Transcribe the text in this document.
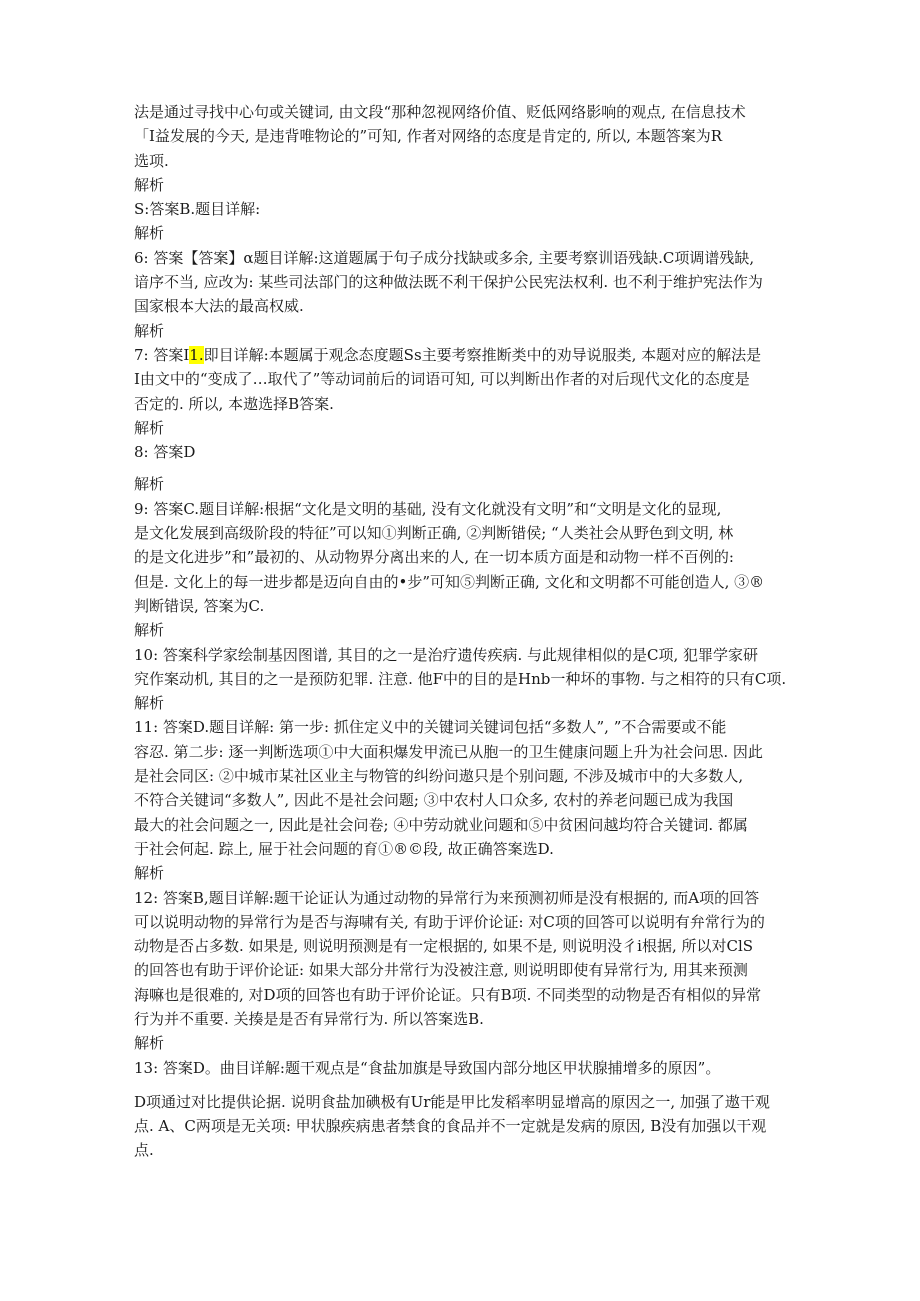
法是通过寻找中心句或关键词, 由文段“那种忽视网络价值、贬低网络影响的观点, 在信息技术
「I益发展的今天, 是违背唯物论的”可知, 作者对网络的态度是肯定的, 所以, 本题答案为R
选项.
解析
S:答案B.题目详解:
解析
6: 答案【答案】α题目详解:这道题属于句子成分找缺或多余, 主要考察训语残缺.C项调谱残缺,
谙序不当, 应改为: 某些司法部门的这种做法既不利干保护公民宪法权利. 也不利于维护宪法作为
国家根本大法的最高权威.
解析
7: 答案I1.即目详解:本题属于观念态度题Ss主要考察推断类中的劝导说服类, 本题对应的解法是
I由文中的“变成了…取代了”等动词前后的词语可知, 可以判断出作者的对后现代文化的态度是
否定的. 所以, 本遨选择B答案.
解析
8: 答案D
解析
9: 答案C.题目详解:根据“文化是文明的基础, 没有文化就没有文明”和“文明是文化的显现,
是文化发展到高级阶段的特征”可以知①判断正确, ②判断错侯; “人类社会从野色到文明, 林
的是文化进步”和”最初的、从动物界分离出来的人, 在一切本质方面是和动物一样不百例的:
但是. 文化上的每一进步都是迈向自由的•步”可知⑤判断正确, 文化和文明都不可能创造人, ③®
判断错误, 答案为C.
解析
10: 答案科学家绘制基因图谱, 其目的之一是治疗遗传疾病. 与此规律相似的是C项, 犯罪学家研
究作案动机, 其目的之一是预防犯罪. 注意. 他F中的目的是Hnb一种坏的事物. 与之相符的只有C项.
解析
11: 答案D.题目详解: 第一步: 抓住定义中的关键词关键词包括“多数人”, ”不合需要或不能
容忍. 第二步: 逐一判断选项①中大面积爆发甲流已从胞一的卫生健康问题上升为社会问思. 因此
是社会同区: ②中城市某社区业主与物管的纠纷问遨只是个别问题, 不涉及城市中的大多数人,
不符合关键词“多数人”, 因此不是社会问题; ③中农村人口众多, 农村的养老问题已成为我国
最大的社会问题之一, 因此是社会问卷; ④中劳动就业问题和⑤中贫困问越均符合关键词. 都属
于社会何起. 踪上, 屉于社会问题的育①®©段, 故正确答案选D.
解析
12: 答案B,题目详解:题干论证认为通过动物的异常行为来预测初师是没有根据的, 而A项的回答
可以说明动物的异常行为是否与海啸有关, 有助于评价论证: 对C项的回答可以说明有弁常行为的
动物是否占多数. 如果是, 则说明预测是有一定根据的, 如果不是, 则说明没彳i根据, 所以对ClS
的回答也有助于评价论证: 如果大部分井常行为没被注意, 则说明即使有异常行为, 用其来预测
海嘛也是很难的, 对D项的回答也有助于评价论证。只有B项. 不同类型的动物是否有相似的异常
行为并不重要. 关揍是是否有异常行为. 所以答案选B.
解析
13: 答案D。曲目详解:题干观点是“食盐加旗是导致国内部分地区甲状腺捕增多的原因”。
D项通过对比提供论据. 说明食盐加碘极有Ur能是甲比发稻率明显增高的原因之一, 加强了遨干观
点. A、C两项是无关项: 甲状腺疾病患者禁食的食品并不一定就是发病的原因, B没有加强以干观
点.
